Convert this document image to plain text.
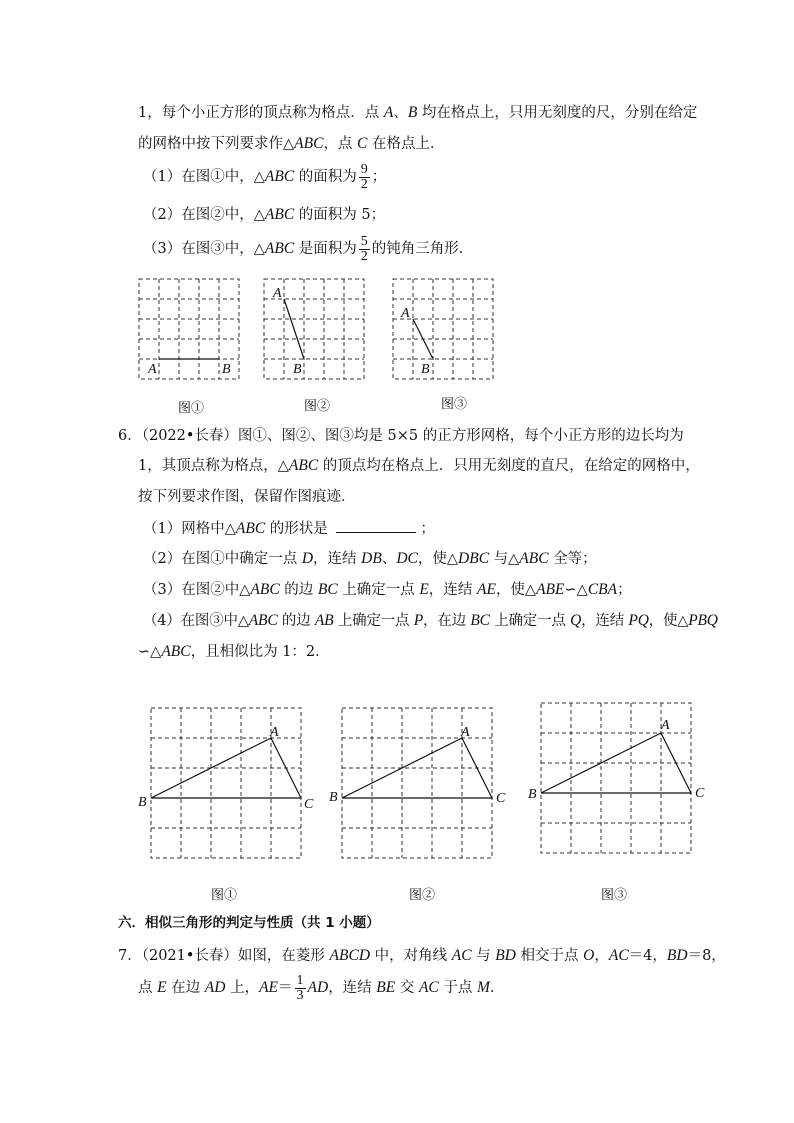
1，每个小正方形的顶点称为格点．点 A、B 均在格点上，只用无刻度的尺，分别在给定
的网格中按下列要求作△ABC，点 C 在格点上．
（1）在图①中，△ABC 的面积为 $\frac{9}{2}$ ；
（2）在图②中，△ABC 的面积为 5；
（3）在图③中，△ABC 是面积为 $\frac{5}{2}$ 的钝角三角形．
A	B
A
B
A
B
图①	图②	图③
6．（2022•长春）图①、图②、图③均是 5×5 的正方形网格，每个小正方形的边长均为
1，其顶点称为格点，△ABC 的顶点均在格点上．只用无刻度的直尺，在给定的网格中，
按下列要求作图，保留作图痕迹．
（1）网格中△ABC 的形状是	；
（2）在图①中确定一点 D，连结 DB、DC，使△DBC 与△ABC 全等；
（3）在图②中△ABC 的边 BC 上确定一点 E，连结 AE，使△ABE∽△CBA；
（4）在图③中△ABC 的边 AB 上确定一点 P，在边 BC 上确定一点 Q，连结 PQ，使△PBQ
∽△ABC，且相似比为 1：2．
A
B	C
A
B	C
A
B	C
图①	图②	图③
六．相似三角形的判定与性质（共 1 小题）
7．（2021•长春）如图，在菱形 ABCD 中，对角线 AC 与 BD 相交于点 O，AC＝4，BD＝8，
点 E 在边 AD 上，$AE= \frac{1}{3}$ AD，连结 BE 交 AC 于点 M．
